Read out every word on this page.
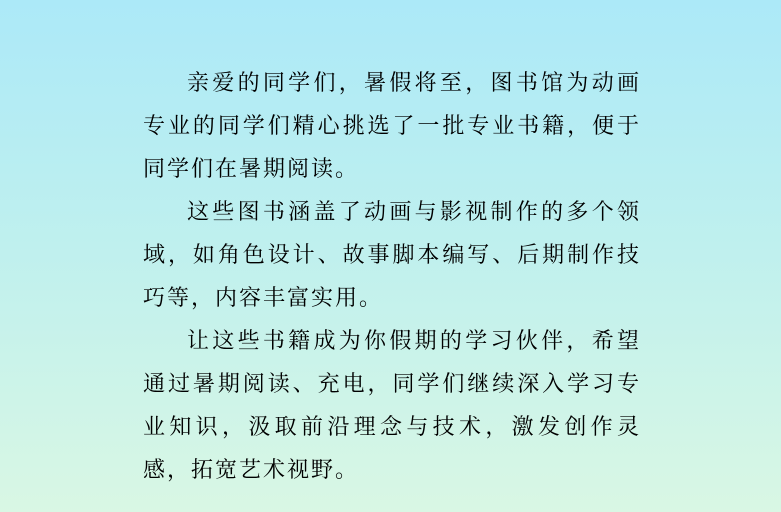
亲爱的同学们，暑假将至，图书馆为动画专业的同学们精心挑选了一批专业书籍，便于同学们在暑期阅读。

这些图书涵盖了动画与影视制作的多个领域，如角色设计、故事脚本编写、后期制作技巧等，内容丰富实用。

让这些书籍成为你假期的学习伙伴，希望通过暑期阅读、充电，同学们继续深入学习专业知识，汲取前沿理念与技术，激发创作灵感，拓宽艺术视野。
